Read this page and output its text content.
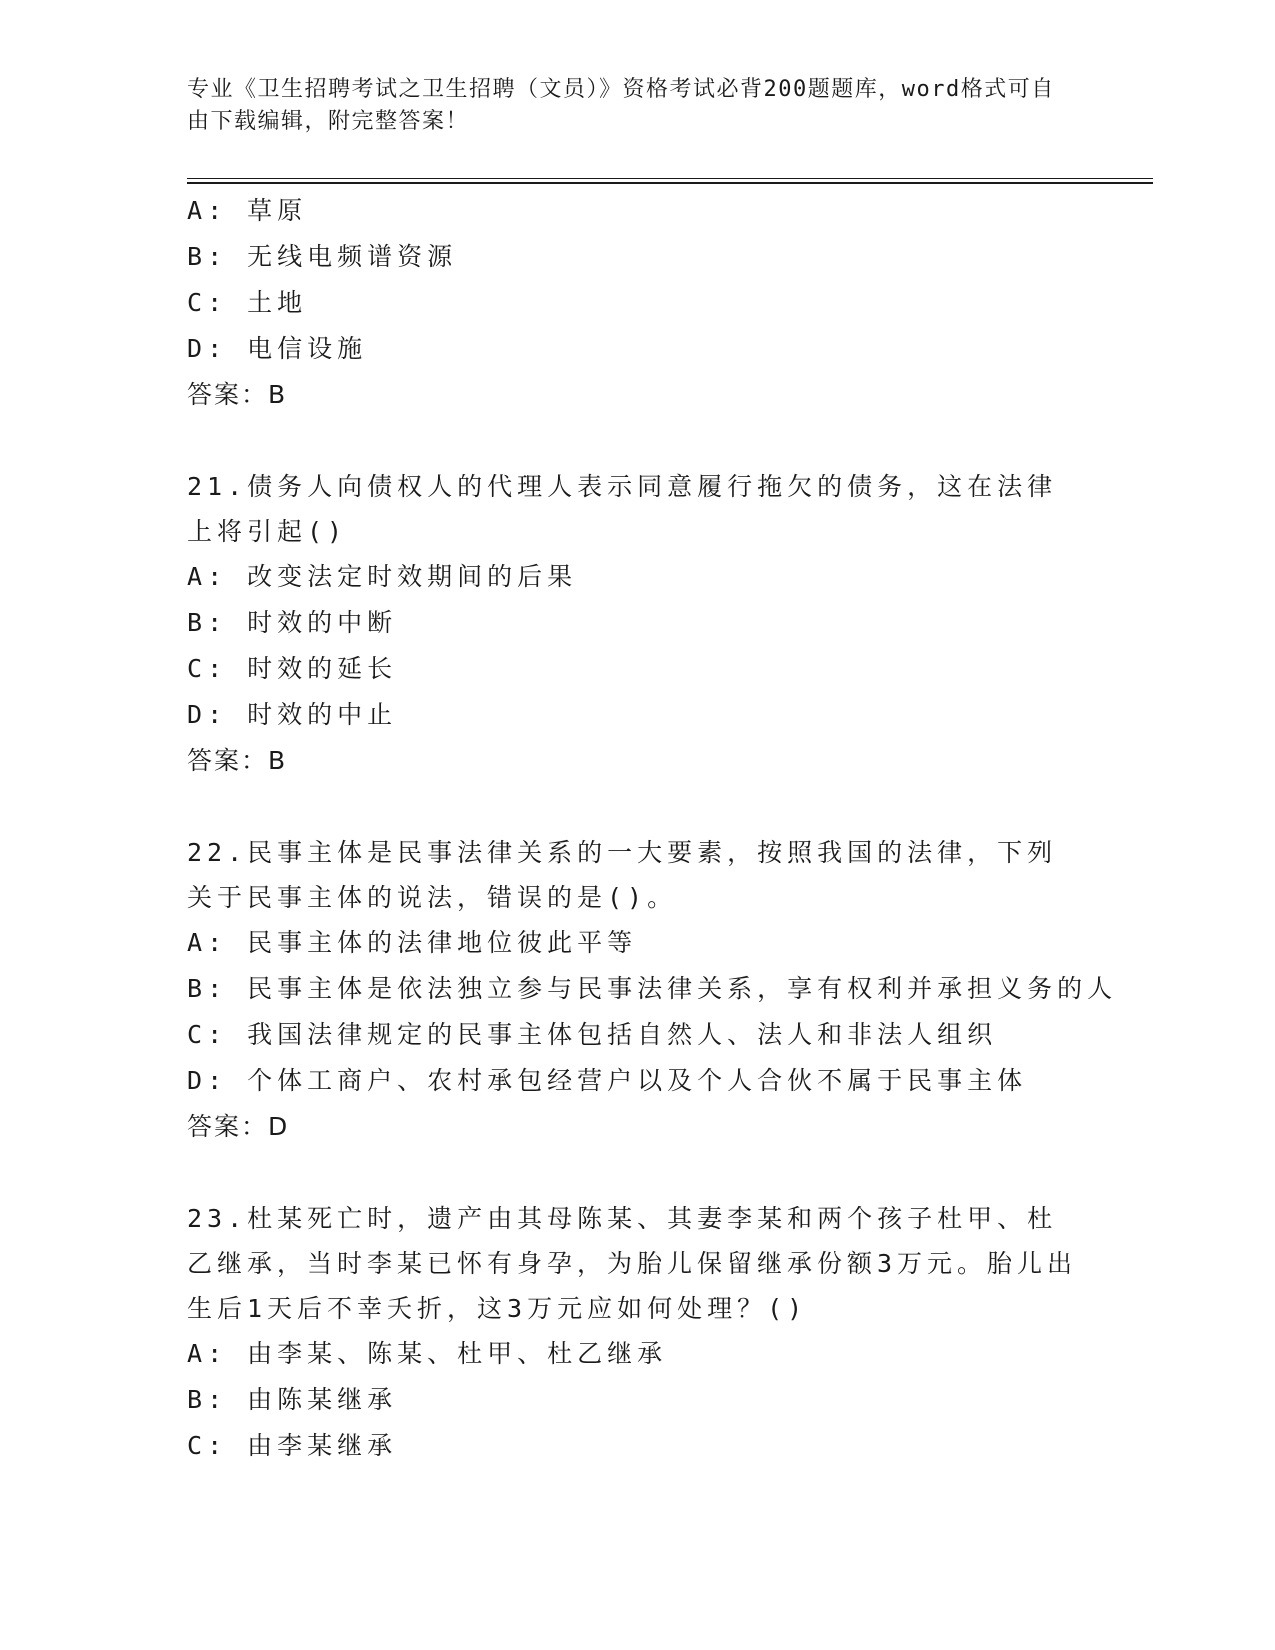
专业《卫生招聘考试之卫生招聘（文员）》资格考试必背200题题库，word格式可自由下载编辑，附完整答案！
A: 草原
B: 无线电频谱资源
C: 土地
D: 电信设施
答案：B
21.债务人向债权人的代理人表示同意履行拖欠的债务，这在法律上将引起()
A: 改变法定时效期间的后果
B: 时效的中断
C: 时效的延长
D: 时效的中止
答案：B
22.民事主体是民事法律关系的一大要素，按照我国的法律，下列关于民事主体的说法，错误的是()。
A: 民事主体的法律地位彼此平等
B: 民事主体是依法独立参与民事法律关系，享有权利并承担义务的人
C: 我国法律规定的民事主体包括自然人、法人和非法人组织
D: 个体工商户、农村承包经营户以及个人合伙不属于民事主体
答案：D
23.杜某死亡时，遗产由其母陈某、其妻李某和两个孩子杜甲、杜乙继承，当时李某已怀有身孕，为胎儿保留继承份额3万元。胎儿出生后1天后不幸夭折，这3万元应如何处理？()
A: 由李某、陈某、杜甲、杜乙继承
B: 由陈某继承
C: 由李某继承
